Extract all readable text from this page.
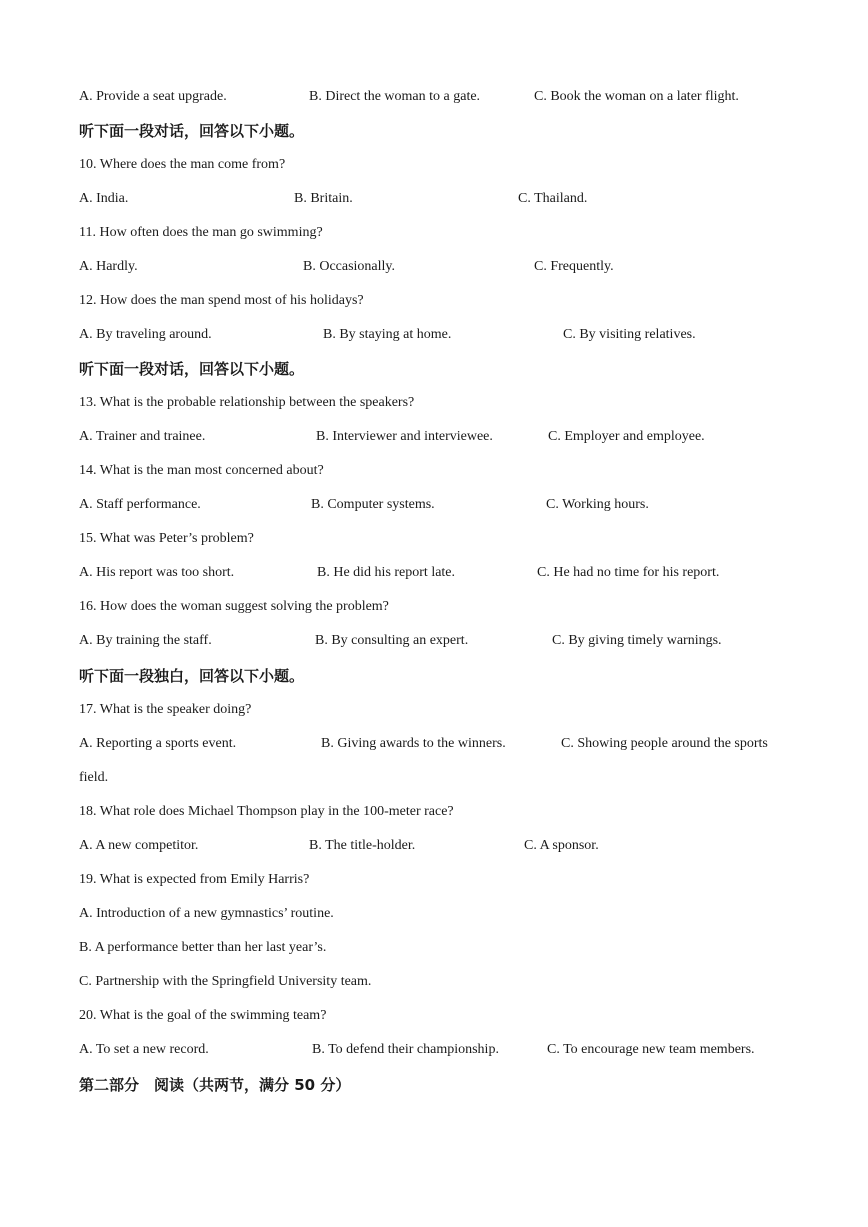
A. Provide a seat upgrade.	B. Direct the woman to a gate.	C. Book the woman on a later flight.
听下面一段对话，回答以下小题。
10. Where does the man come from?
A. India.	B. Britain.	C. Thailand.
11. How often does the man go swimming?
A. Hardly.	B. Occasionally.	C. Frequently.
12. How does the man spend most of his holidays?
A. By traveling around.	B. By staying at home.	C. By visiting relatives.
听下面一段对话，回答以下小题。
13. What is the probable relationship between the speakers?
A. Trainer and trainee.	B. Interviewer and interviewee.	C. Employer and employee.
14. What is the man most concerned about?
A. Staff performance.	B. Computer systems.	C. Working hours.
15. What was Peter’s problem?
A. His report was too short.	B. He did his report late.	C. He had no time for his report.
16. How does the woman suggest solving the problem?
A. By training the staff.	B. By consulting an expert.	C. By giving timely warnings.
听下面一段独白，回答以下小题。
17. What is the speaker doing?
A. Reporting a sports event.	B. Giving awards to the winners.	C. Showing people around the sports
field.
18. What role does Michael Thompson play in the 100-meter race?
A. A new competitor.	B. The title-holder.	C. A sponsor.
19. What is expected from Emily Harris?
A. Introduction of a new gymnastics’ routine.
B. A performance better than her last year’s.
C. Partnership with the Springfield University team.
20. What is the goal of the swimming team?
A. To set a new record.	B. To defend their championship.	C. To encourage new team members.
第二部分　阅读（共两节，满分 50 分）
